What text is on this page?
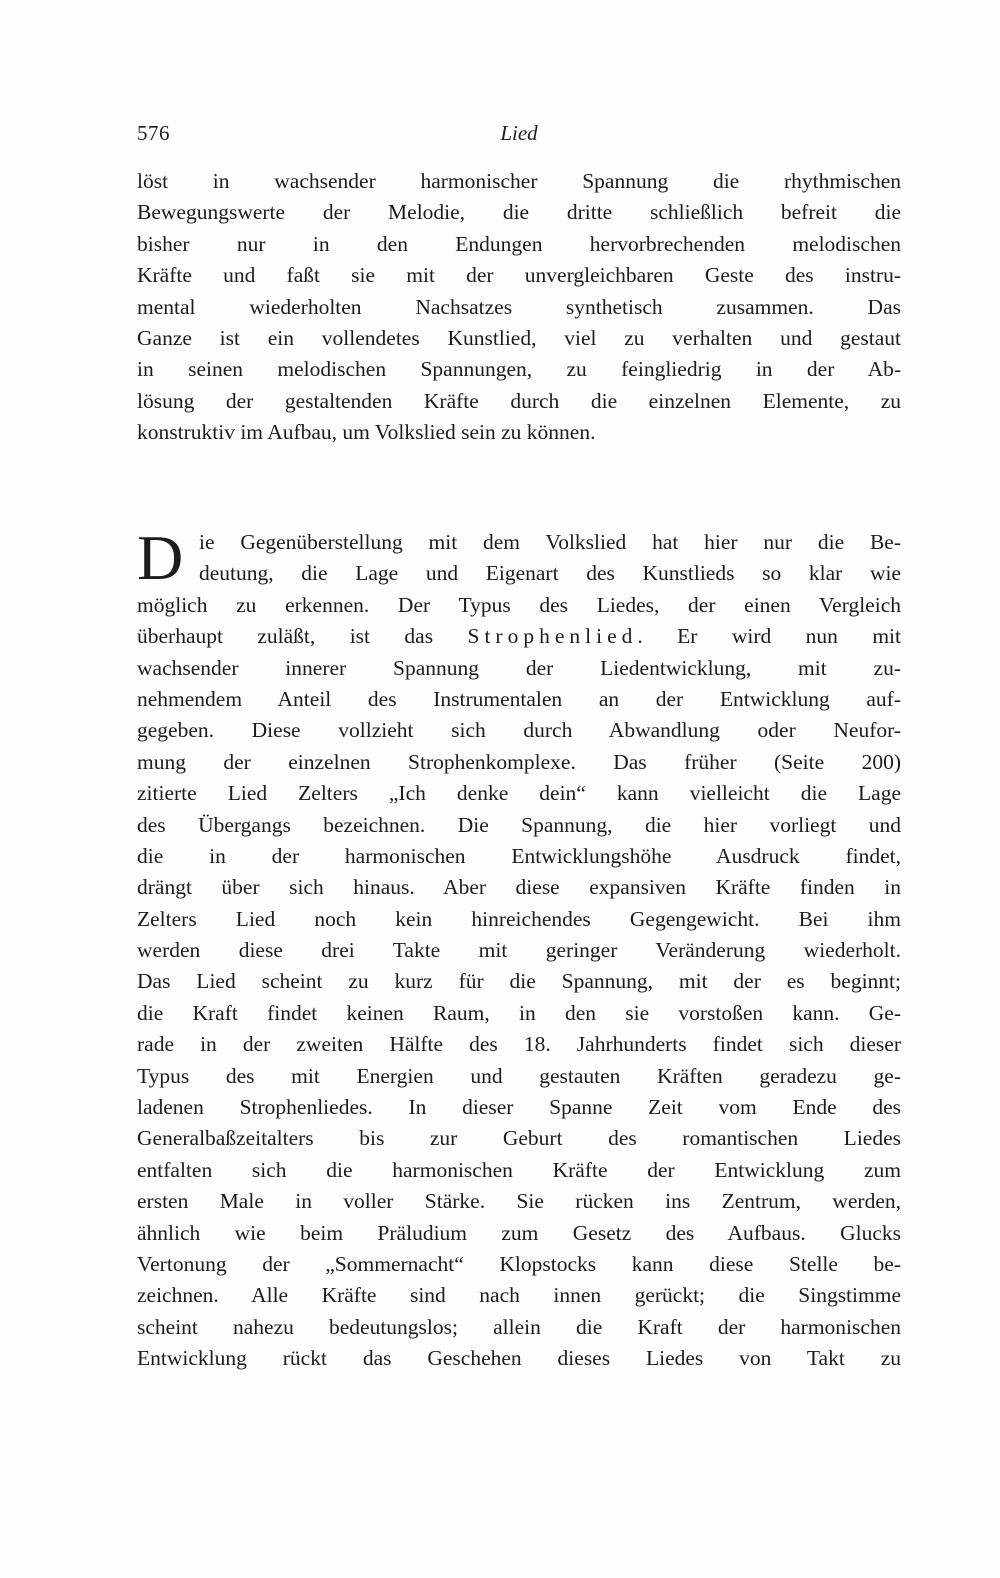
576	Lied
löst in wachsender harmonischer Spannung die rhythmischen
Bewegungswerte der Melodie, die dritte schließlich befreit die
bisher nur in den Endungen hervorbrechenden melodischen
Kräfte und faßt sie mit der unvergleichbaren Geste des instru-
mental wiederholten Nachsatzes synthetisch zusammen. Das
Ganze ist ein vollendetes Kunstlied, viel zu verhalten und gestaut
in seinen melodischen Spannungen, zu feingliedrig in der Ab-
lösung der gestaltenden Kräfte durch die einzelnen Elemente, zu
konstruktiv im Aufbau, um Volkslied sein zu können.
D ie Gegenüberstellung mit dem Volkslied hat hier nur die Be-
deutung, die Lage und Eigenart des Kunstlieds so klar wie
möglich zu erkennen. Der Typus des Liedes, der einen Vergleich
überhaupt zuläßt, ist das Strophenlied. Er wird nun mit
wachsender innerer Spannung der Liedentwicklung, mit zu-
nehmendem Anteil des Instrumentalen an der Entwicklung auf-
gegeben. Diese vollzieht sich durch Abwandlung oder Neufor-
mung der einzelnen Strophenkomplexe. Das früher (Seite 200)
zitierte Lied Zelters „Ich denke dein“ kann vielleicht die Lage
des Übergangs bezeichnen. Die Spannung, die hier vorliegt und
die in der harmonischen Entwicklungshöhe Ausdruck findet,
drängt über sich hinaus. Aber diese expansiven Kräfte finden in
Zelters Lied noch kein hinreichendes Gegengewicht. Bei ihm
werden diese drei Takte mit geringer Veränderung wiederholt.
Das Lied scheint zu kurz für die Spannung, mit der es beginnt;
die Kraft findet keinen Raum, in den sie vorstoßen kann. Ge-
rade in der zweiten Hälfte des 18. Jahrhunderts findet sich dieser
Typus des mit Energien und gestauten Kräften geradezu ge-
ladenen Strophenliedes. In dieser Spanne Zeit vom Ende des
Generalbaßzeitalters bis zur Geburt des romantischen Liedes
entfalten sich die harmonischen Kräfte der Entwicklung zum
ersten Male in voller Stärke. Sie rücken ins Zentrum, werden,
ähnlich wie beim Präludium zum Gesetz des Aufbaus. Glucks
Vertonung der „Sommernacht“ Klopstocks kann diese Stelle be-
zeichnen. Alle Kräfte sind nach innen gerückt; die Singstimme
scheint nahezu bedeutungslos; allein die Kraft der harmonischen
Entwicklung rückt das Geschehen dieses Liedes von Takt zu
